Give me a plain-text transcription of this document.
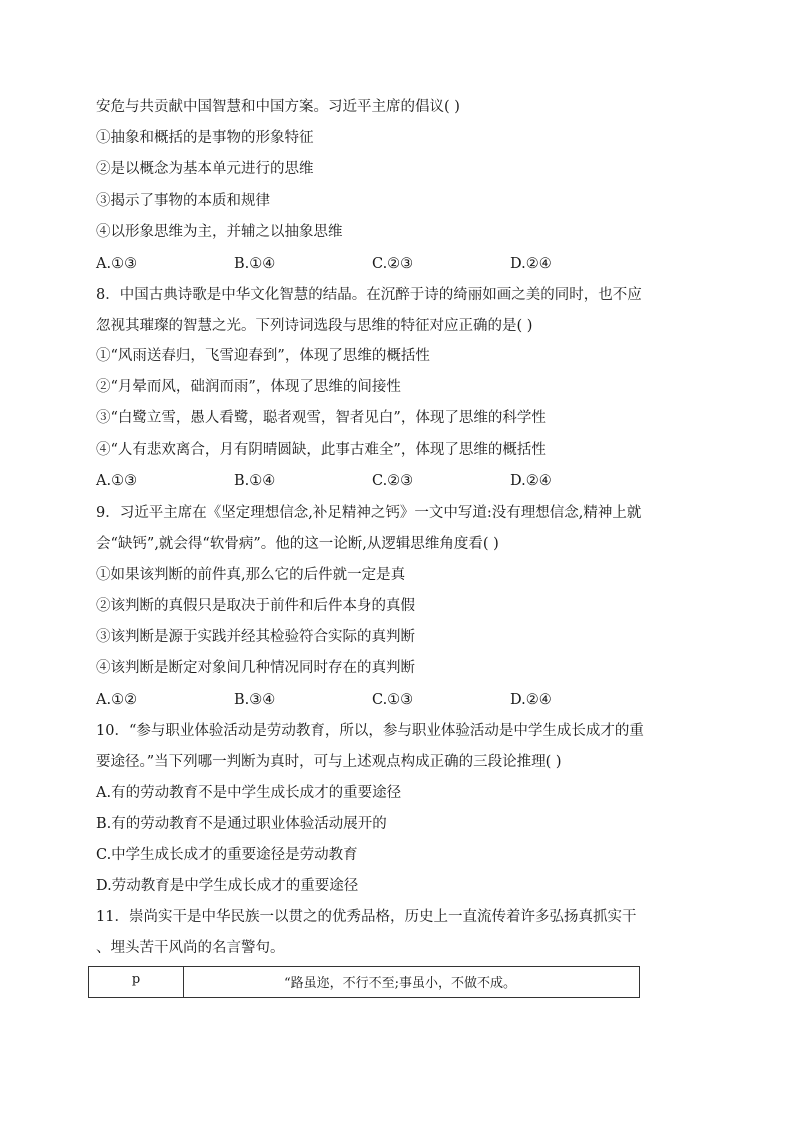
安危与共贡献中国智慧和中国方案。习近平主席的倡议( )
①抽象和概括的是事物的形象特征
②是以概念为基本单元进行的思维
③揭示了事物的本质和规律
④以形象思维为主，并辅之以抽象思维
A.①③	B.①④	C.②③	D.②④
8．中国古典诗歌是中华文化智慧的结晶。在沉醉于诗的绮丽如画之美的同时，也不应
忽视其璀璨的智慧之光。下列诗词选段与思维的特征对应正确的是( )
①“风雨送春归，飞雪迎春到”，体现了思维的概括性
②“月晕而风，础润而雨”，体现了思维的间接性
③“白鹭立雪，愚人看鹭，聪者观雪，智者见白”，体现了思维的科学性
④“人有悲欢离合，月有阴晴圆缺，此事古难全”，体现了思维的概括性
A.①③	B.①④	C.②③	D.②④
9．习近平主席在《坚定理想信念,补足精神之钙》一文中写道:没有理想信念,精神上就
会“缺钙”,就会得“软骨病”。他的这一论断,从逻辑思维角度看( )
①如果该判断的前件真,那么它的后件就一定是真
②该判断的真假只是取决于前件和后件本身的真假
③该判断是源于实践并经其检验符合实际的真判断
④该判断是断定对象间几种情况同时存在的真判断
A.①②	B.③④	C.①③	D.②④
10．“参与职业体验活动是劳动教育，所以，参与职业体验活动是中学生成长成才的重
要途径。”当下列哪一判断为真时，可与上述观点构成正确的三段论推理( )
A.有的劳动教育不是中学生成长成才的重要途径
B.有的劳动教育不是通过职业体验活动展开的
C.中学生成长成才的重要途径是劳动教育
D.劳动教育是中学生成长成才的重要途径
11．崇尚实干是中华民族一以贯之的优秀品格，历史上一直流传着许多弘扬真抓实干
、埋头苦干风尚的名言警句。
p	“路虽迩，不行不至;事虽小，不做不成。
